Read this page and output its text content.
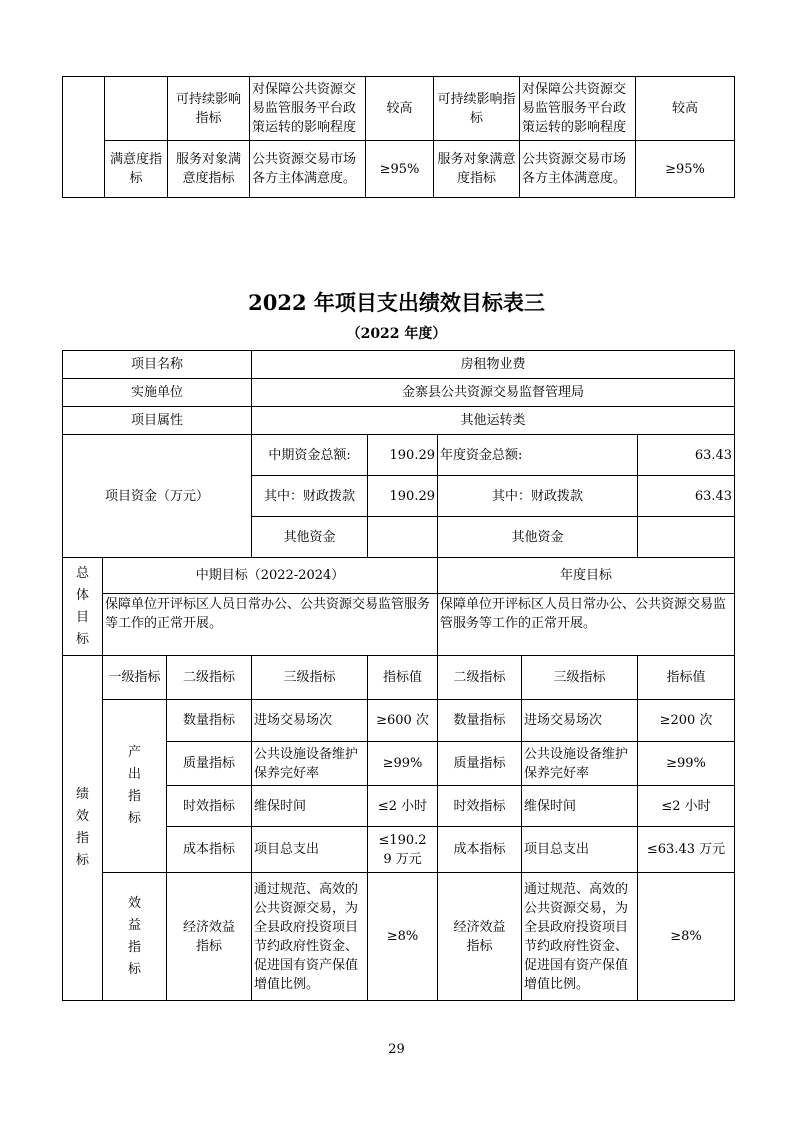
		可持续影响指标	对保障公共资源交易监管服务平台政策运转的影响程度	较高	可持续影响指标	对保障公共资源交易监管服务平台政策运转的影响程度	较高
	满意度指标	服务对象满意度指标	公共资源交易市场各方主体满意度。	≥95%	服务对象满意度指标	公共资源交易市场各方主体满意度。	≥95%
2022 年项目支出绩效目标表三
（2022 年度）
项目名称			房租物业费				
实施单位			金寨县公共资源交易监督管理局				
项目属性			其他运转类				
项目资金（万元）			中期资金总额:	190.29	年度资金总额:		63.43
			其中：财政拨款	190.29	其中：财政拨款		63.43
			其他资金		其他资金		
总体目标	中期目标（2022-2024）				年度目标		
	保障单位开评标区人员日常办公、公共资源交易监管服务等工作的正常开展。				保障单位开评标区人员日常办公、公共资源交易监管服务等工作的正常开展。		
绩效指标	一级指标	二级指标	三级指标	指标值	二级指标	三级指标	指标值
	产出指标	数量指标	进场交易场次	≥600 次	数量指标	进场交易场次	≥200 次
		质量指标	公共设施设备维护保养完好率	≥99%	质量指标	公共设施设备维护保养完好率	≥99%
		时效指标	维保时间	≤2 小时	时效指标	维保时间	≤2 小时
		成本指标	项目总支出	≤190.29 万元	成本指标	项目总支出	≤63.43 万元
	效益指标	经济效益指标	通过规范、高效的公共资源交易，为全县政府投资项目节约政府性资金、促进国有资产保值增值比例。	≥8%	经济效益指标	通过规范、高效的公共资源交易，为全县政府投资项目节约政府性资金、促进国有资产保值增值比例。	≥8%
29
